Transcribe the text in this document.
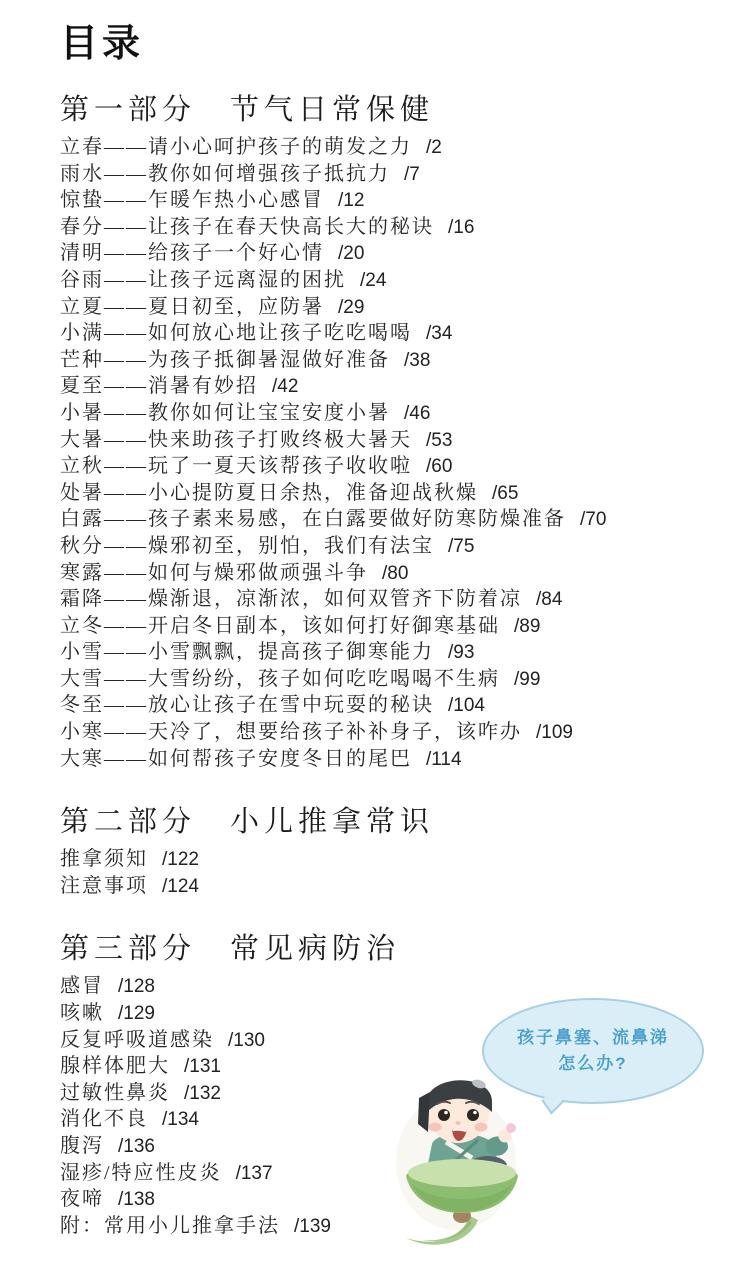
目录
第一部分　节气日常保健
立春——请小心呵护孩子的萌发之力 /2
雨水——教你如何增强孩子抵抗力 /7
惊蛰——乍暖乍热小心感冒 /12
春分——让孩子在春天快高长大的秘诀 /16
清明——给孩子一个好心情 /20
谷雨——让孩子远离湿的困扰 /24
立夏——夏日初至，应防暑 /29
小满——如何放心地让孩子吃吃喝喝 /34
芒种——为孩子抵御暑湿做好准备 /38
夏至——消暑有妙招 /42
小暑——教你如何让宝宝安度小暑 /46
大暑——快来助孩子打败终极大暑天 /53
立秋——玩了一夏天该帮孩子收收啦 /60
处暑——小心提防夏日余热，准备迎战秋燥 /65
白露——孩子素来易感，在白露要做好防寒防燥准备 /70
秋分——燥邪初至，别怕，我们有法宝 /75
寒露——如何与燥邪做顽强斗争 /80
霜降——燥渐退，凉渐浓，如何双管齐下防着凉 /84
立冬——开启冬日副本，该如何打好御寒基础 /89
小雪——小雪飘飘，提高孩子御寒能力 /93
大雪——大雪纷纷，孩子如何吃吃喝喝不生病 /99
冬至——放心让孩子在雪中玩耍的秘诀 /104
小寒——天冷了，想要给孩子补补身子，该咋办 /109
大寒——如何帮孩子安度冬日的尾巴 /114
第二部分　小儿推拿常识
推拿须知 /122
注意事项 /124
第三部分　常见病防治
感冒 /128
咳嗽 /129
反复呼吸道感染 /130
腺样体肥大 /131
过敏性鼻炎 /132
消化不良 /134
腹泻 /136
湿疹/特应性皮炎 /137
夜啼 /138
附：常用小儿推拿手法 /139
孩子鼻塞、流鼻涕
怎么办?
